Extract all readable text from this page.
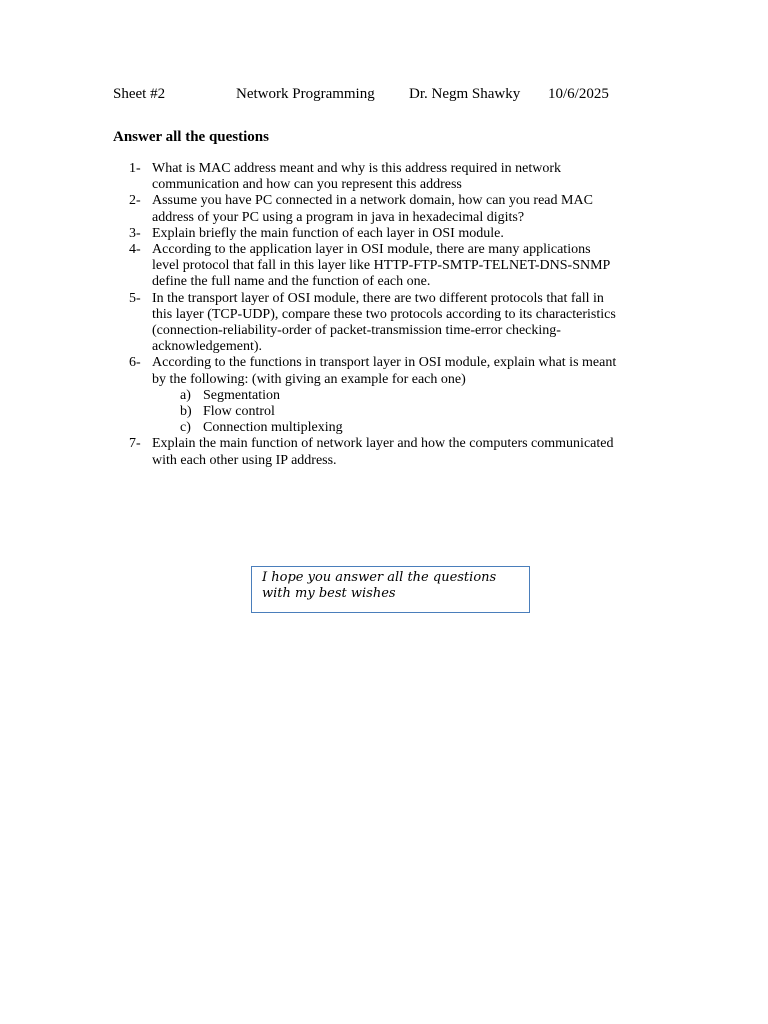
Sheet #2	Network Programming Dr. Negm Shawky 10/6/2025
Answer all the questions
1- What is MAC address meant and why is this address required in network
communication and how can you represent this address
2- Assume you have PC connected in a network domain, how can you read MAC
address of your PC using a program in java in hexadecimal digits?
3- Explain briefly the main function of each layer in OSI module.
4- According to the application layer in OSI module, there are many applications
level protocol that fall in this layer like HTTP-FTP-SMTP-TELNET-DNS-SNMP
define the full name and the function of each one.
5- In the transport layer of OSI module, there are two different protocols that fall in
this layer (TCP-UDP), compare these two protocols according to its characteristics
(connection-reliability-order of packet-transmission time-error checking-
acknowledgement).
6- According to the functions in transport layer in OSI module, explain what is meant
by the following: (with giving an example for each one)
a) Segmentation
b) Flow control
c) Connection multiplexing
7- Explain the main function of network layer and how the computers communicated
with each other using IP address.
I hope you answer all the questions
with my best wishes
